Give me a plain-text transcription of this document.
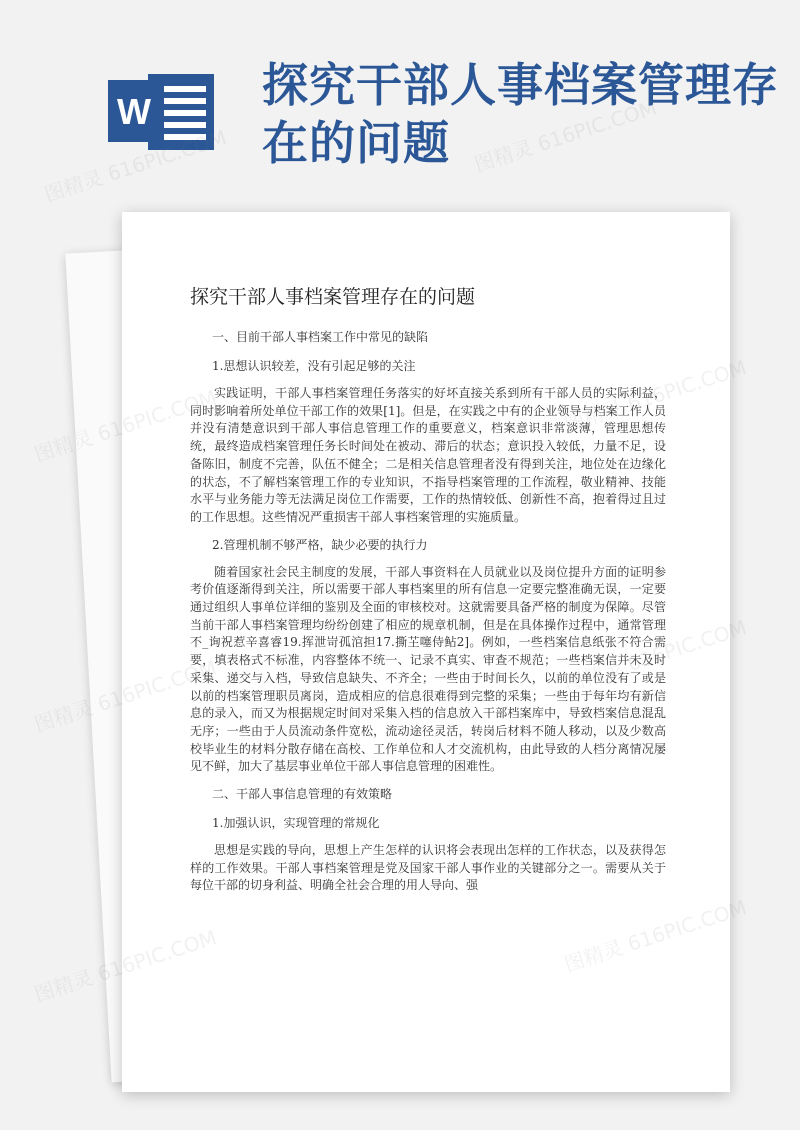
W 探究干部人事档案管理存在的问题
探究干部人事档案管理存在的问题
一、目前干部人事档案工作中常见的缺陷
1.思想认识较差，没有引起足够的关注
实践证明，干部人事档案管理任务落实的好坏直接关系到所有干部人员的实际利益，同时影响着所处单位干部工作的效果[1]。但是，在实践之中有的企业领导与档案工作人员并没有清楚意识到干部人事信息管理工作的重要意义，档案意识非常淡薄，管理思想传统，最终造成档案管理任务长时间处在被动、滞后的状态；意识投入较低，力量不足，设备陈旧，制度不完善，队伍不健全；二是相关信息管理者没有得到关注，地位处在边缘化的状态，不了解档案管理工作的专业知识，不指导档案管理的工作流程，敬业精神、技能水平与业务能力等无法满足岗位工作需要，工作的热情较低、创新性不高，抱着得过且过的工作思想。这些情况严重损害干部人事档案管理的实施质量。
2.管理机制不够严格，缺少必要的执行力
随着国家社会民主制度的发展，干部人事资料在人员就业以及岗位提升方面的证明参考价值逐渐得到关注，所以需要干部人事档案里的所有信息一定要完整准确无误，一定要通过组织人事单位详细的鉴别及全面的审核校对。这就需要具备严格的制度为保障。尽管当前干部人事档案管理均纷纷创建了相应的规章机制，但是在具体操作过程中，通常管理不_询祝惹辛喜睿19.挥泄岢孤涫担17.撕芏噻侍鲇2]。例如，一些档案信息纸张不符合需要，填表格式不标准，内容整体不统一、记录不真实、审查不规范；一些档案信并未及时采集、递交与入档，导致信息缺失、不齐全；一些由于时间长久，以前的单位没有了或是以前的档案管理职员离岗，造成相应的信息很难得到完整的采集；一些由于每年均有新信息的录入，而又为根据规定时间对采集入档的信息放入干部档案库中，导致档案信息混乱无序；一些由于人员流动条件宽松，流动途径灵活，转岗后材料不随人移动，以及少数高校毕业生的材料分散存储在高校、工作单位和人才交流机构，由此导致的人档分离情况屡见不鲜，加大了基层事业单位干部人事信息管理的困难性。
二、干部人事信息管理的有效策略
1.加强认识，实现管理的常规化
思想是实践的导向，思想上产生怎样的认识将会表现出怎样的工作状态，以及获得怎样的工作效果。干部人事档案管理是党及国家干部人事作业的关键部分之一。需要从关于每位干部的切身利益、明确全社会合理的用人导向、强
图精灵 616PIC.COM	图精灵 616PIC.COM
图精灵
图精灵
图精灵
